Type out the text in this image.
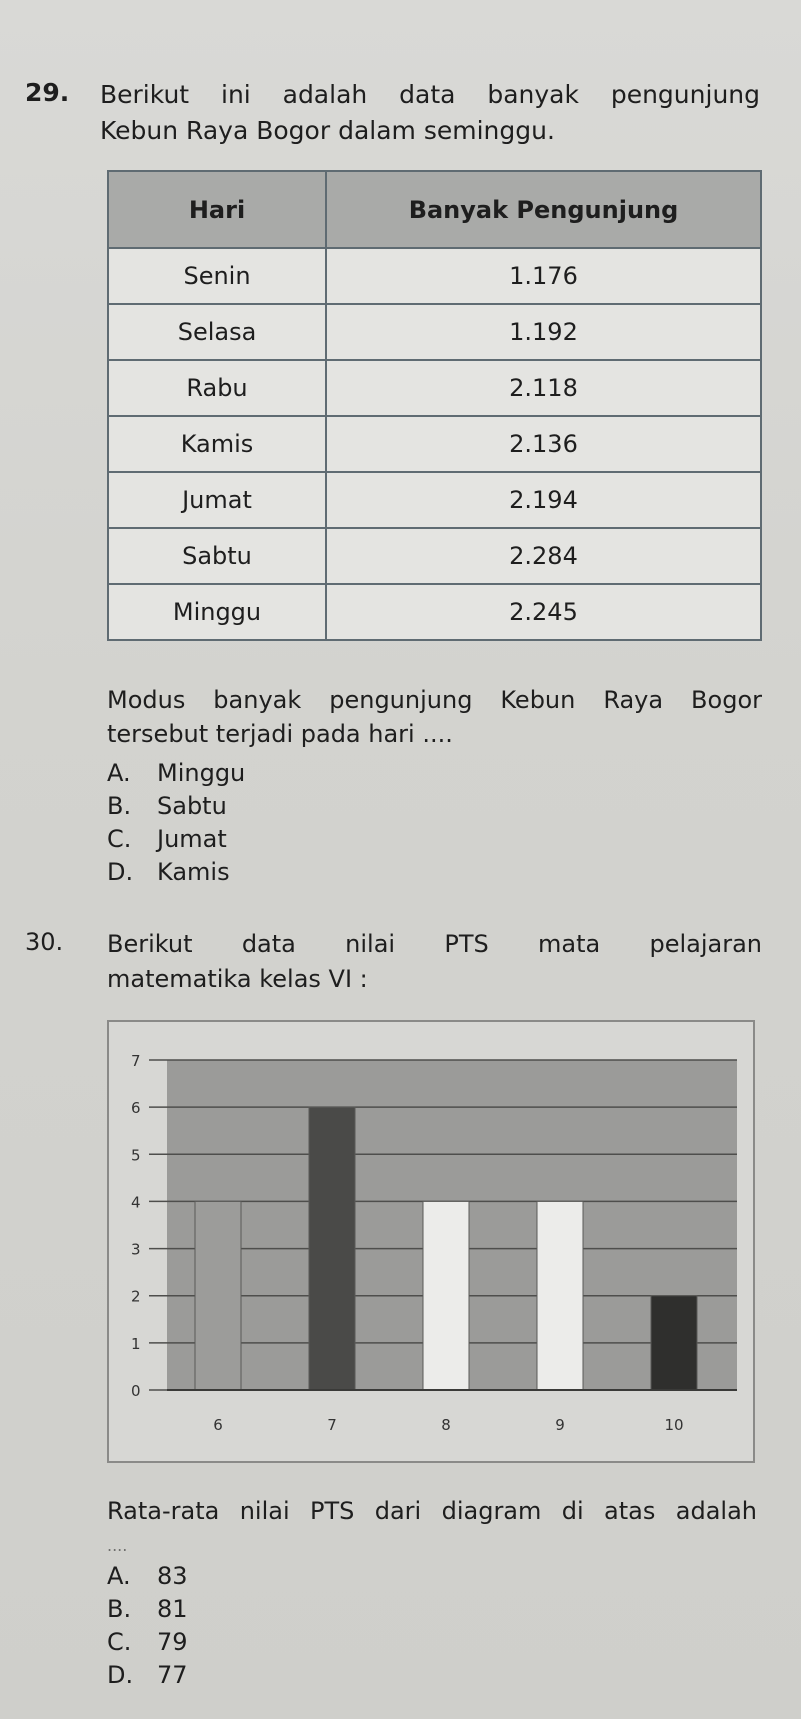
29. Berikut ini adalah data banyak pengunjung
Kebun Raya Bogor dalam seminggu.
Hari	Banyak Pengunjung
Senin	1.176
Selasa	1.192
Rabu	2.118
Kamis	2.136
Jumat	2.194
Sabtu	2.284
Minggu	2.245
Modus banyak pengunjung Kebun Raya Bogor
tersebut terjadi pada hari ....
A.	Minggu
B.	Sabtu
C.	Jumat
D. Kamis
30. Berikut data nilai PTS mata pelajaran
matematika kelas VI :
0
1
2
3
4
5
6
7
6	7	8	9	10
Rata-rata nilai PTS dari diagram di atas adalah
....
A.	83
B.	81
C.	79
D. 77
